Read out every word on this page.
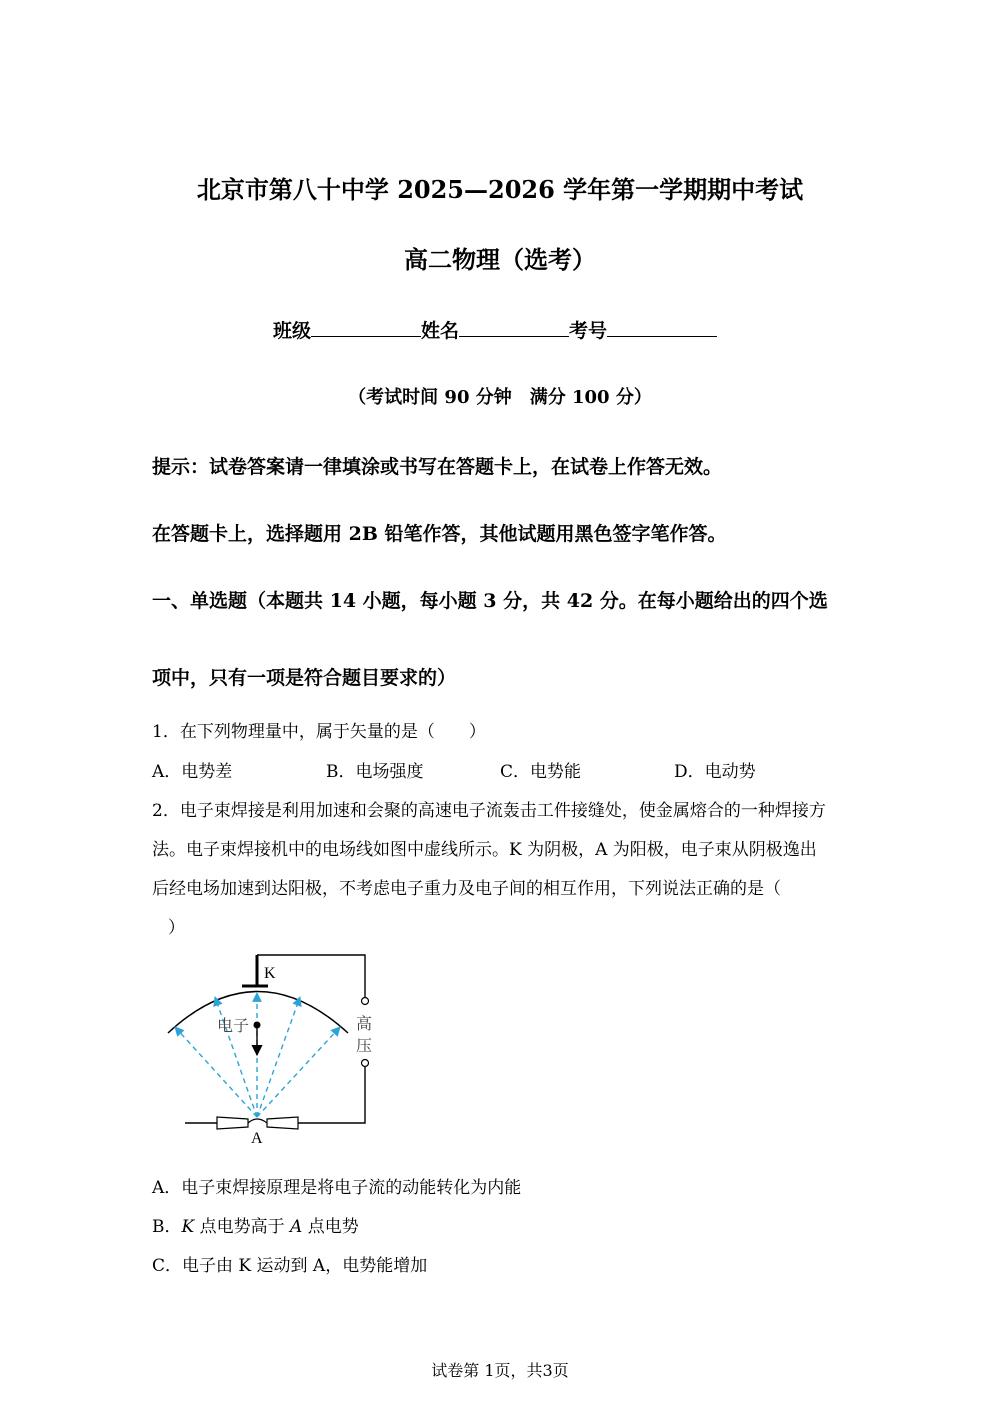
北京市第八十中学 2025—2026 学年第一学期期中考试
高二物理（选考）
班级	姓名	考号
（考试时间 90 分钟　满分 100 分）
提示：试卷答案请一律填涂或书写在答题卡上，在试卷上作答无效。
在答题卡上，选择题用 2B 铅笔作答，其他试题用黑色签字笔作答。
一、单选题（本题共 14 小题，每小题 3 分，共 42 分。在每小题给出的四个选
项中，只有一项是符合题目要求的）
1．在下列物理量中，属于矢量的是（　　）
A．电势差	B．电场强度	C．电势能	D．电动势
2．电子束焊接是利用加速和会聚的高速电子流轰击工件接缝处，使金属熔合的一种焊接方
法。电子束焊接机中的电场线如图中虚线所示。K 为阴极，A 为阳极，电子束从阴极逸出
后经电场加速到达阳极，不考虑电子重力及电子间的相互作用，下列说法正确的是（
）
K
A
电子	高
压
A．电子束焊接原理是将电子流的动能转化为内能
B．K 点电势高于 A 点电势
C．电子由 K 运动到 A，电势能增加
试卷第 1页，共3页
